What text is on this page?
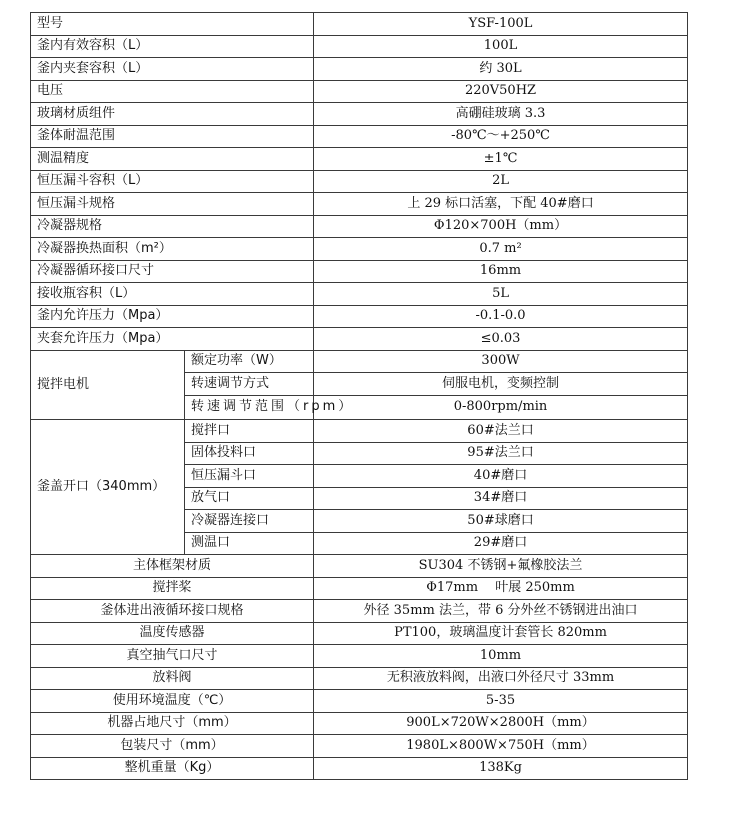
型号		YSF-100L
釜内有效容积（L）		100L
釜内夹套容积（L）		约 30L
电压		220V50HZ
玻璃材质组件		高硼硅玻璃 3.3
釜体耐温范围		-80℃～+250℃
测温精度		±1℃
恒压漏斗容积（L）		2L
恒压漏斗规格		上 29 标口活塞，下配 40#磨口
冷凝器规格		Φ120×700H（mm）
冷凝器换热面积（m²）		0.7 m²
冷凝器循环接口尺寸		16mm
接收瓶容积（L）		5L
釜内允许压力（Mpa）		-0.1-0.0
夹套允许压力（Mpa）		≤0.03
搅拌电机	额定功率（W）	300W
	转速调节方式	伺服电机，变频控制
	转速调节范围（rpm）	0-800rpm/min
釜盖开口（340mm）	搅拌口	60#法兰口
	固体投料口	95#法兰口
	恒压漏斗口	40#磨口
	放气口	34#磨口
	冷凝器连接口	50#球磨口
	测温口	29#磨口
主体框架材质		SU304 不锈钢+氟橡胶法兰
搅拌桨		Φ17mm　 叶展 250mm
釜体进出液循环接口规格		外径 35mm 法兰，带 6 分外丝不锈钢进出油口
温度传感器		PT100，玻璃温度计套管长 820mm
真空抽气口尺寸		10mm
放料阀		无积液放料阀，出液口外径尺寸 33mm
使用环境温度（℃）		5-35
机器占地尺寸（mm）		900L×720W×2800H（mm）
包装尺寸（mm）		1980L×800W×750H（mm）
整机重量（Kg）		138Kg
